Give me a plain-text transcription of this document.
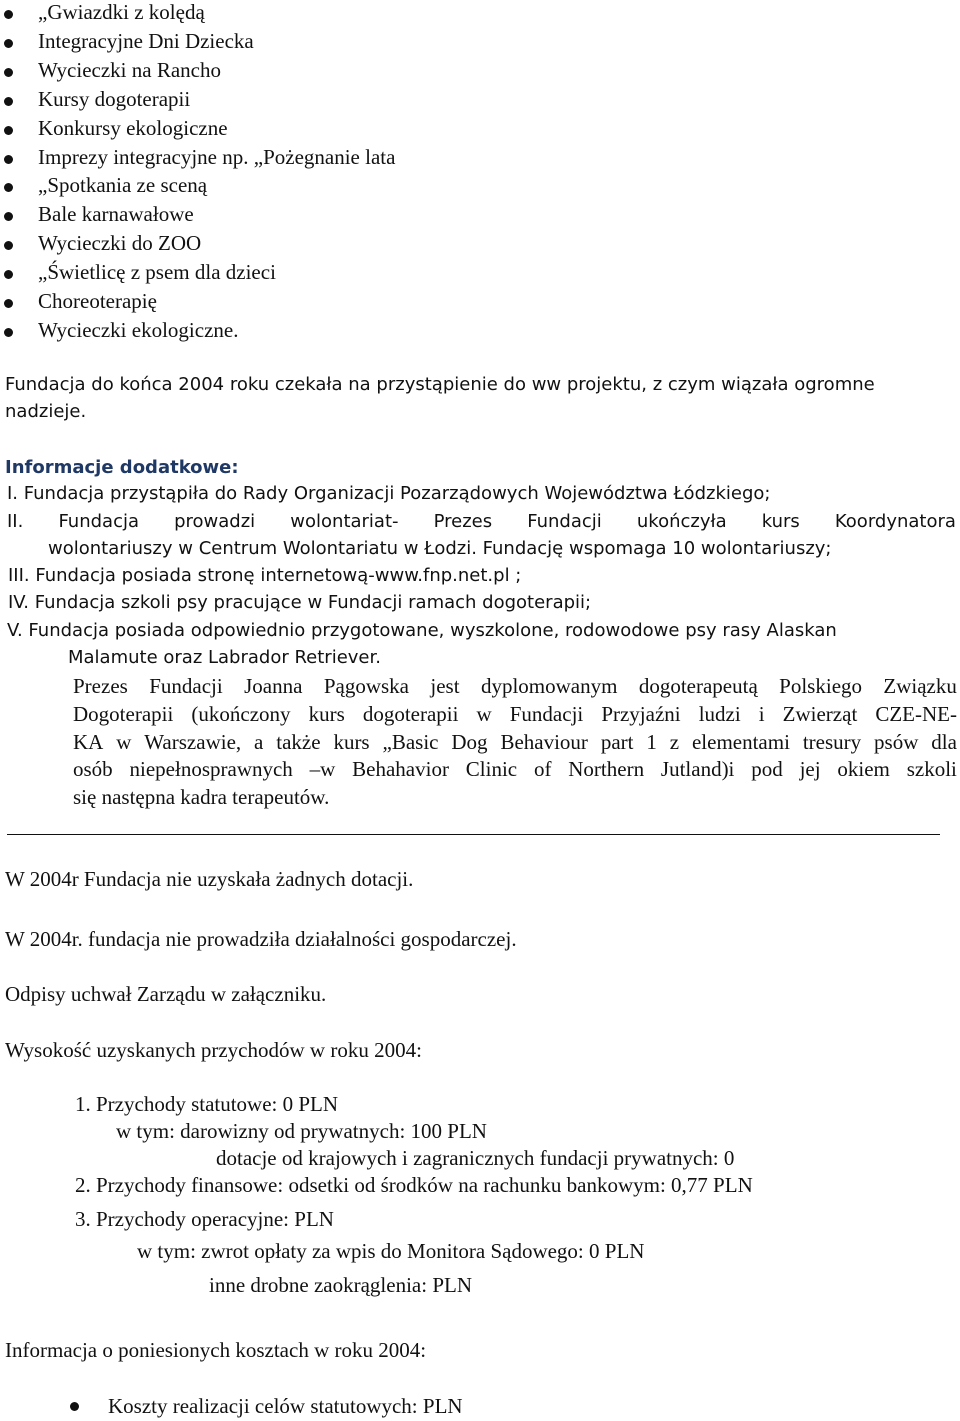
„Gwiazdki z kolędą
Integracyjne Dni Dziecka
Wycieczki na Rancho
Kursy dogoterapii
Konkursy ekologiczne
Imprezy integracyjne np. „Pożegnanie lata
„Spotkania ze sceną
Bale karnawałowe
Wycieczki do ZOO
„Świetlicę z psem dla dzieci
Choreoterapię
Wycieczki ekologiczne.
Fundacja do końca 2004 roku czekała na przystąpienie do ww projektu, z czym wiązała ogromne
nadzieje.
Informacje dodatkowe:
I. Fundacja przystąpiła do Rady Organizacji Pozarządowych Województwa Łódzkiego;
II. Fundacja prowadzi wolontariat- Prezes Fundacji ukończyła kurs Koordynatora
wolontariuszy w Centrum Wolontariatu w Łodzi. Fundację wspomaga 10 wolontariuszy;
III. Fundacja posiada stronę internetową-www.fnp.net.pl ;
IV. Fundacja szkoli psy pracujące w Fundacji ramach dogoterapii;
V. Fundacja posiada odpowiednio przygotowane, wyszkolone, rodowodowe psy rasy Alaskan
Malamute oraz Labrador Retriever.
Prezes Fundacji Joanna Pągowska jest dyplomowanym dogoterapeutą Polskiego Związku
Dogoterapii (ukończony kurs dogoterapii w Fundacji Przyjaźni ludzi i Zwierząt CZE-NE-
KA w Warszawie, a także kurs „Basic Dog Behaviour part 1 z elementami tresury psów dla
osób niepełnosprawnych –w Behahavior Clinic of Northern Jutland)i pod jej okiem szkoli
się następna kadra terapeutów.
W 2004r Fundacja nie uzyskała żadnych dotacji.
W 2004r. fundacja nie prowadziła działalności gospodarczej.
Odpisy uchwał Zarządu w załączniku.
Wysokość uzyskanych przychodów w roku 2004:
1. Przychody statutowe: 0 PLN
w tym: darowizny od prywatnych: 100 PLN
dotacje od krajowych i zagranicznych fundacji prywatnych: 0
2. Przychody finansowe: odsetki od środków na rachunku bankowym: 0,77 PLN
3. Przychody operacyjne: PLN
w tym: zwrot opłaty za wpis do Monitora Sądowego: 0 PLN
inne drobne zaokrąglenia: PLN
Informacja o poniesionych kosztach w roku 2004:
Koszty realizacji celów statutowych: PLN
